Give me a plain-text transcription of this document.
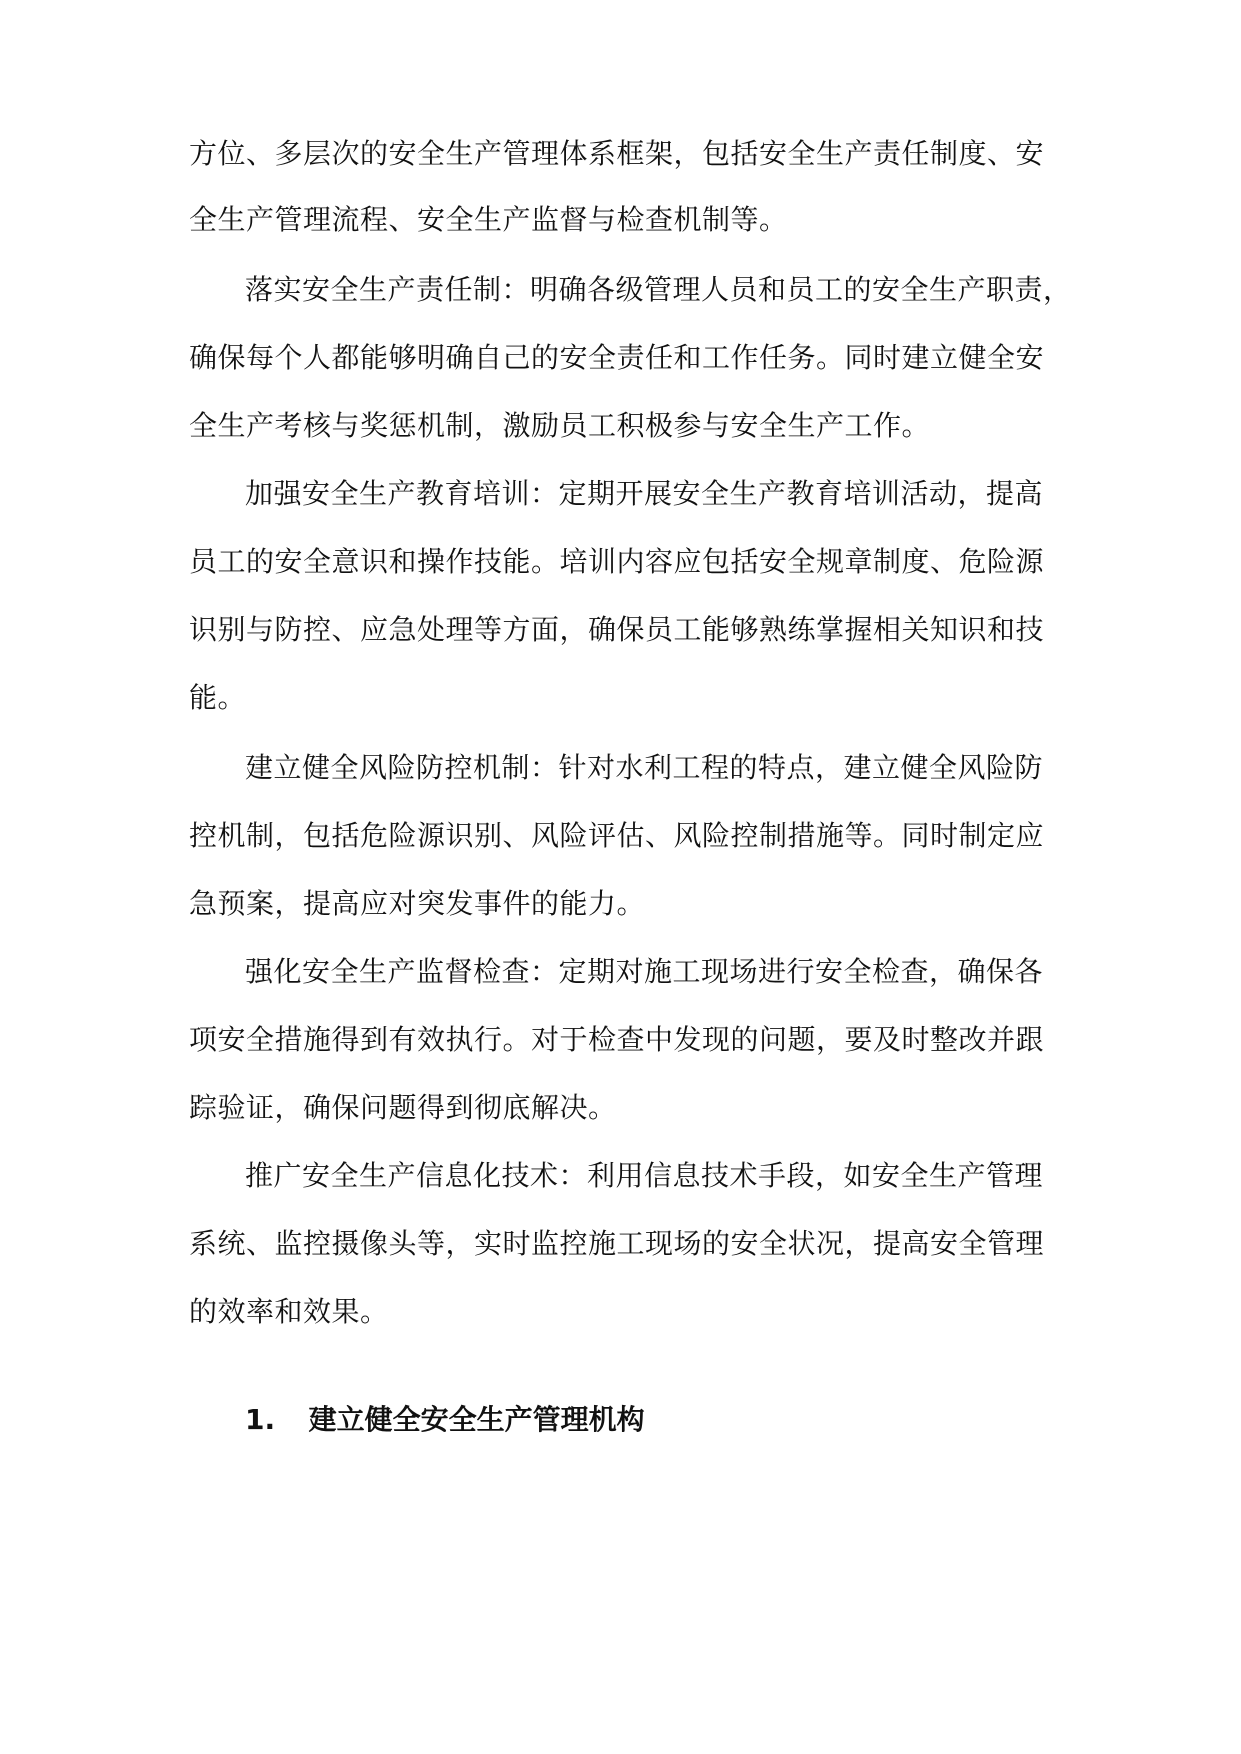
方位、多层次的安全生产管理体系框架，包括安全生产责任制度、安
全生产管理流程、安全生产监督与检查机制等。
落实安全生产责任制：明确各级管理人员和员工的安全生产职责，
确保每个人都能够明确自己的安全责任和工作任务。同时建立健全安
全生产考核与奖惩机制，激励员工积极参与安全生产工作。
加强安全生产教育培训：定期开展安全生产教育培训活动，提高
员工的安全意识和操作技能。培训内容应包括安全规章制度、危险源
识别与防控、应急处理等方面，确保员工能够熟练掌握相关知识和技
能。
建立健全风险防控机制：针对水利工程的特点，建立健全风险防
控机制，包括危险源识别、风险评估、风险控制措施等。同时制定应
急预案，提高应对突发事件的能力。
强化安全生产监督检查：定期对施工现场进行安全检查，确保各
项安全措施得到有效执行。对于检查中发现的问题，要及时整改并跟
踪验证，确保问题得到彻底解决。
推广安全生产信息化技术：利用信息技术手段，如安全生产管理
系统、监控摄像头等，实时监控施工现场的安全状况，提高安全管理
的效率和效果。
1. 建立健全安全生产管理机构
